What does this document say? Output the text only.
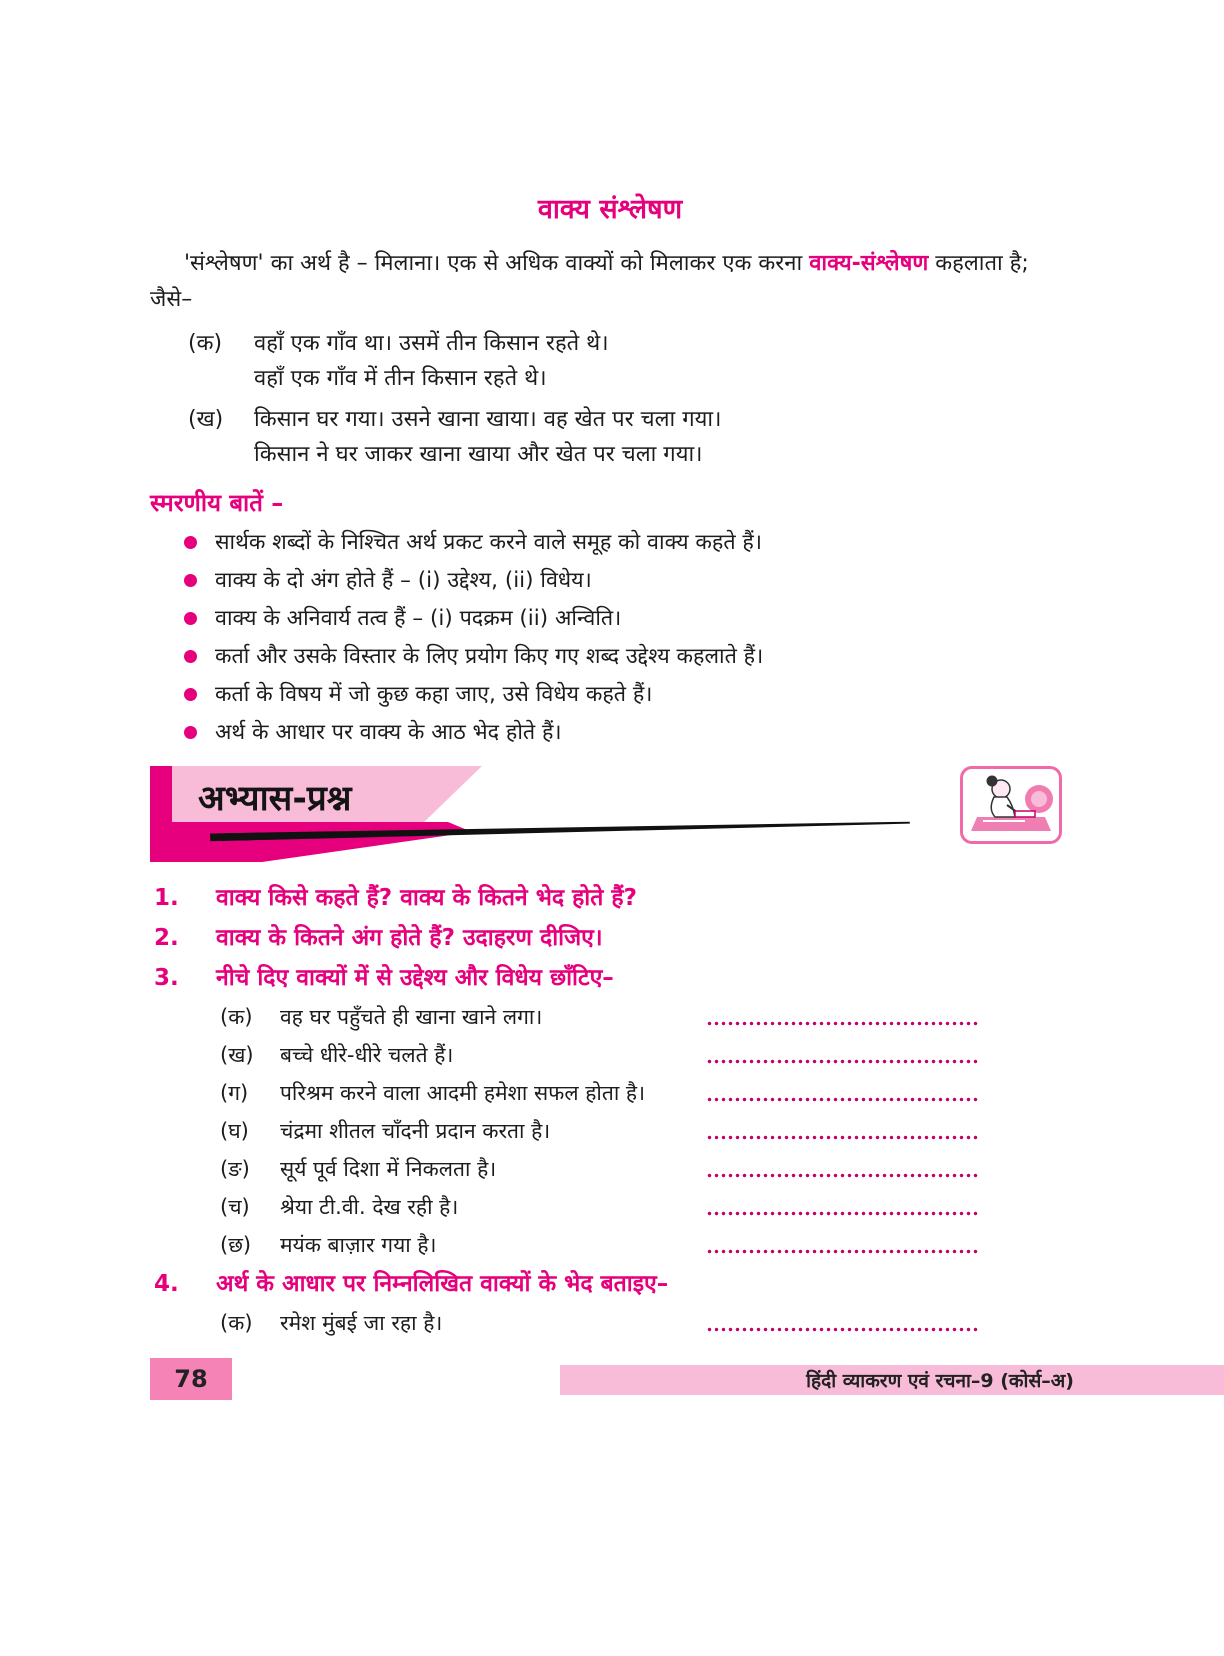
वाक्य संश्लेषण

'संश्लेषण' का अर्थ है – मिलाना। एक से अधिक वाक्यों को मिलाकर एक करना वाक्य-संश्लेषण कहलाता है;
जैसे–

(क)	वहाँ एक गाँव था। उसमें तीन किसान रहते थे।
वहाँ एक गाँव में तीन किसान रहते थे।
(ख)	किसान घर गया। उसने खाना खाया। वह खेत पर चला गया।
किसान ने घर जाकर खाना खाया और खेत पर चला गया।
स्मरणीय बातें –
सार्थक शब्दों के निश्चित अर्थ प्रकट करने वाले समूह को वाक्य कहते हैं।
वाक्य के दो अंग होते हैं – (i) उद्देश्य, (ii) विधेय।
वाक्य के अनिवार्य तत्व हैं – (i) पदक्रम (ii) अन्विति।
कर्ता और उसके विस्तार के लिए प्रयोग किए गए शब्द उद्देश्य कहलाते हैं।
कर्ता के विषय में जो कुछ कहा जाए, उसे विधेय कहते हैं।
अर्थ के आधार पर वाक्य के आठ भेद होते हैं।
अभ्यास-प्रश्न
1.	वाक्य किसे कहते हैं? वाक्य के कितने भेद होते हैं?
2.	वाक्य के कितने अंग होते हैं? उदाहरण दीजिए।
3.	नीचे दिए वाक्यों में से उद्देश्य और विधेय छाँटिए–
(क)	वह घर पहुँचते ही खाना खाने लगा।
(ख)	बच्चे धीरे-धीरे चलते हैं।
(ग)	परिश्रम करने वाला आदमी हमेशा सफल होता है।
(घ)	चंद्रमा शीतल चाँदनी प्रदान करता है।
(ङ)	सूर्य पूर्व दिशा में निकलता है।
(च)	श्रेया टी.वी. देख रही है।
(छ)	मयंक बाज़ार गया है।
4.	अर्थ के आधार पर निम्नलिखित वाक्यों के भेद बताइए–
(क)	रमेश मुंबई जा रहा है।
78	हिंदी व्याकरण एवं रचना–9 (कोर्स–अ)
